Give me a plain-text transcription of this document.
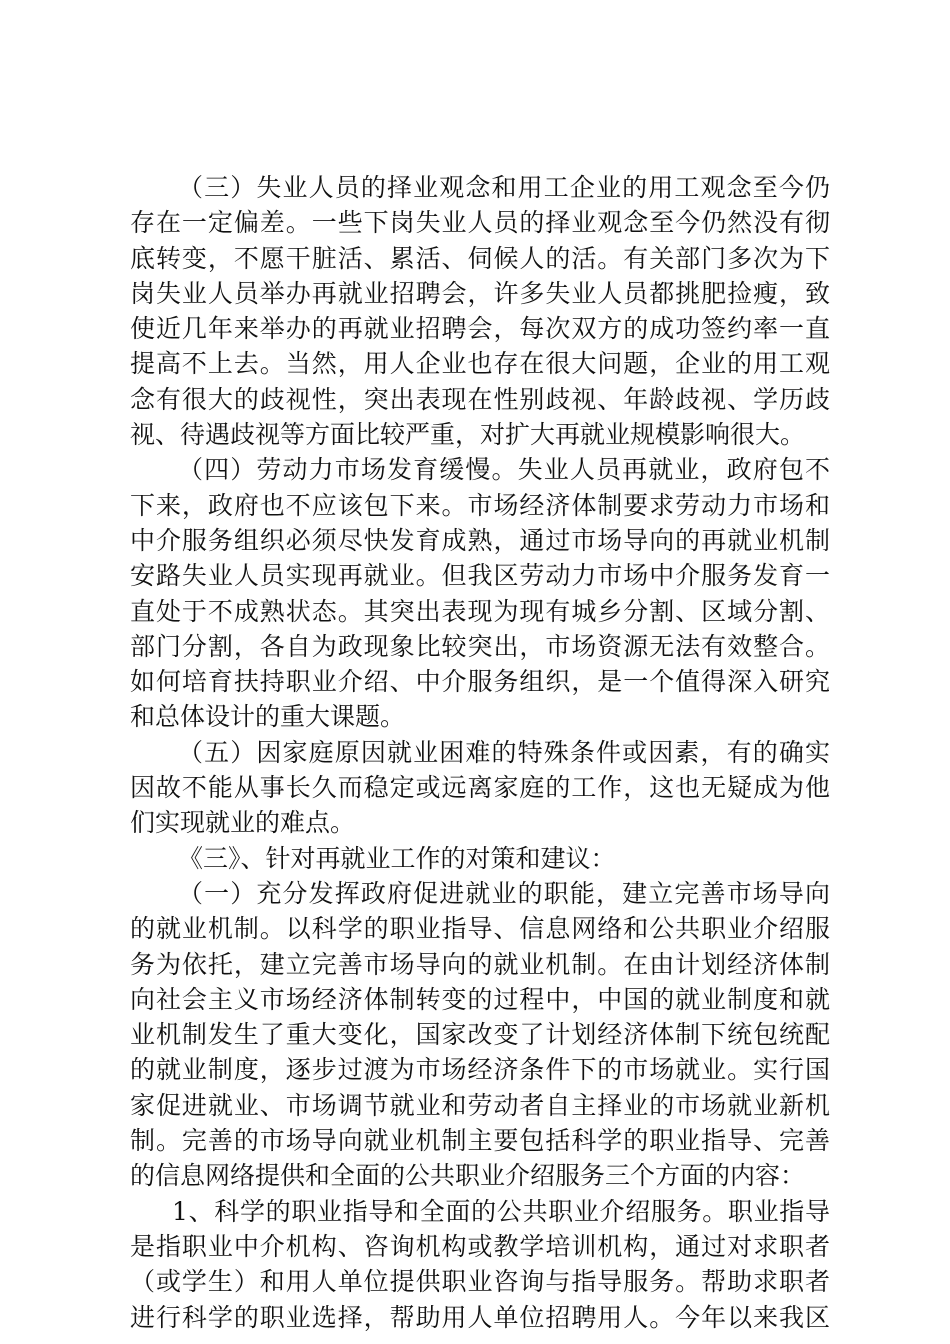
（三）失业人员的择业观念和用工企业的用工观念至今仍
存在一定偏差。一些下岗失业人员的择业观念至今仍然没有彻
底转变，不愿干脏活、累活、伺候人的活。有关部门多次为下
岗失业人员举办再就业招聘会，许多失业人员都挑肥捡瘦，致
使近几年来举办的再就业招聘会，每次双方的成功签约率一直
提高不上去。当然，用人企业也存在很大问题，企业的用工观
念有很大的歧视性，突出表现在性别歧视、年龄歧视、学历歧
视、待遇歧视等方面比较严重，对扩大再就业规模影响很大。
（四）劳动力市场发育缓慢。失业人员再就业，政府包不
下来，政府也不应该包下来。市场经济体制要求劳动力市场和
中介服务组织必须尽快发育成熟，通过市场导向的再就业机制
安路失业人员实现再就业。但我区劳动力市场中介服务发育一
直处于不成熟状态。其突出表现为现有城乡分割、区域分割、
部门分割，各自为政现象比较突出，市场资源无法有效整合。
如何培育扶持职业介绍、中介服务组织，是一个值得深入研究
和总体设计的重大课题。
（五）因家庭原因就业困难的特殊条件或因素，有的确实
因故不能从事长久而稳定或远离家庭的工作，这也无疑成为他
们实现就业的难点。
《三》、针对再就业工作的对策和建议：
（一）充分发挥政府促进就业的职能，建立完善市场导向
的就业机制。以科学的职业指导、信息网络和公共职业介绍服
务为依托，建立完善市场导向的就业机制。在由计划经济体制
向社会主义市场经济体制转变的过程中，中国的就业制度和就
业机制发生了重大变化，国家改变了计划经济体制下统包统配
的就业制度，逐步过渡为市场经济条件下的市场就业。实行国
家促进就业、市场调节就业和劳动者自主择业的市场就业新机
制。完善的市场导向就业机制主要包括科学的职业指导、完善
的信息网络提供和全面的公共职业介绍服务三个方面的内容：
1、科学的职业指导和全面的公共职业介绍服务。职业指导
是指职业中介机构、咨询机构或教学培训机构，通过对求职者
（或学生）和用人单位提供职业咨询与指导服务。帮助求职者
进行科学的职业选择，帮助用人单位招聘用人。今年以来我区
